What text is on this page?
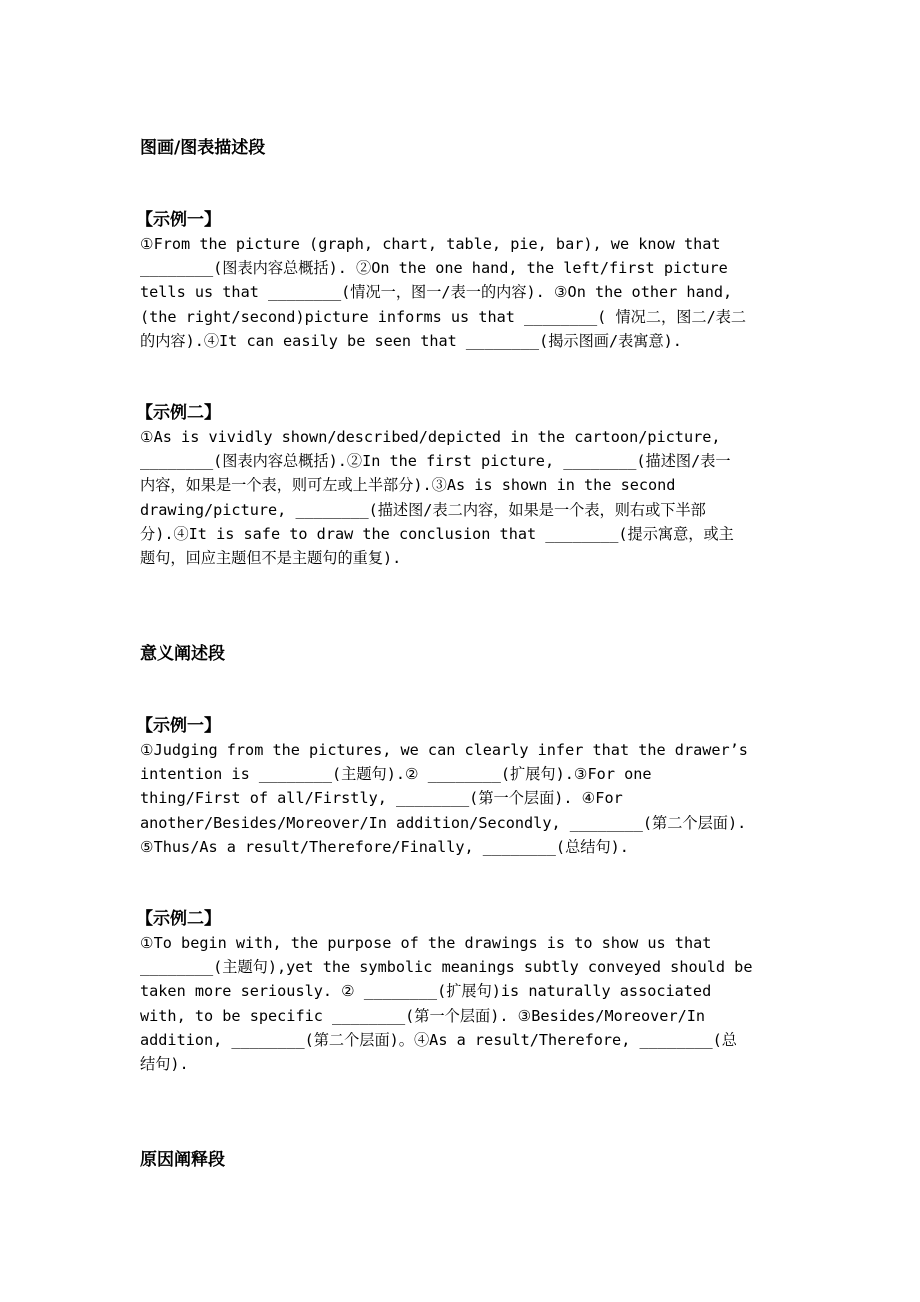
图画/图表描述段

【示例一】

①From the picture (graph, chart, table, pie, bar), we know that

________(图表内容总概括). ②On the one hand, the left/first picture

tells us that ________(情况一，图一/表一的内容). ③On the other hand,

(the right/second)picture informs us that ________( 情况二，图二/表二

的内容).④It can easily be seen that ________(揭示图画/表寓意).

【示例二】

①As is vividly shown/described/depicted in the cartoon/picture,

________(图表内容总概括).②In the first picture, ________(描述图/表一

内容，如果是一个表，则可左或上半部分).③As is shown in the second

drawing/picture, ________(描述图/表二内容，如果是一个表，则右或下半部

分).④It is safe to draw the conclusion that ________(提示寓意，或主

题句，回应主题但不是主题句的重复).

意义阐述段

【示例一】

①Judging from the pictures, we can clearly infer that the drawer’s

intention is ________(主题句).② ________(扩展句).③For one

thing/First of all/Firstly, ________(第一个层面). ④For

another/Besides/Moreover/In addition/Secondly, ________(第二个层面).

⑤Thus/As a result/Therefore/Finally, ________(总结句).

【示例二】

①To begin with, the purpose of the drawings is to show us that

________(主题句),yet the symbolic meanings subtly conveyed should be

taken more seriously. ② ________(扩展句)is naturally associated

with, to be specific ________(第一个层面). ③Besides/Moreover/In

addition, ________(第二个层面)。④As a result/Therefore, ________(总

结句).

原因阐释段
